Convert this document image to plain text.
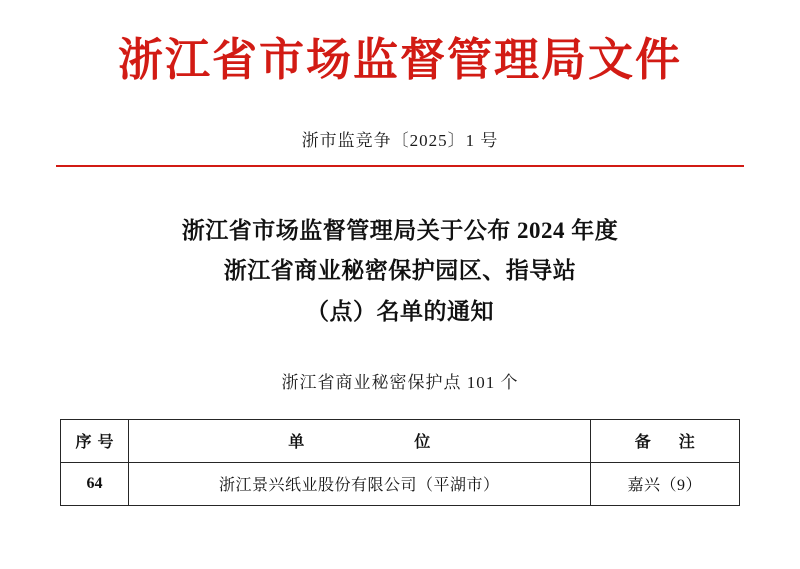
浙江省市场监督管理局文件
浙市监竞争〔2025〕1 号
浙江省市场监督管理局关于公布 2024 年度
浙江省商业秘密保护园区、指导站
（点）名单的通知
浙江省商业秘密保护点 101 个
序号	单　　位	备　注
64	浙江景兴纸业股份有限公司（平湖市）	嘉兴（9）
